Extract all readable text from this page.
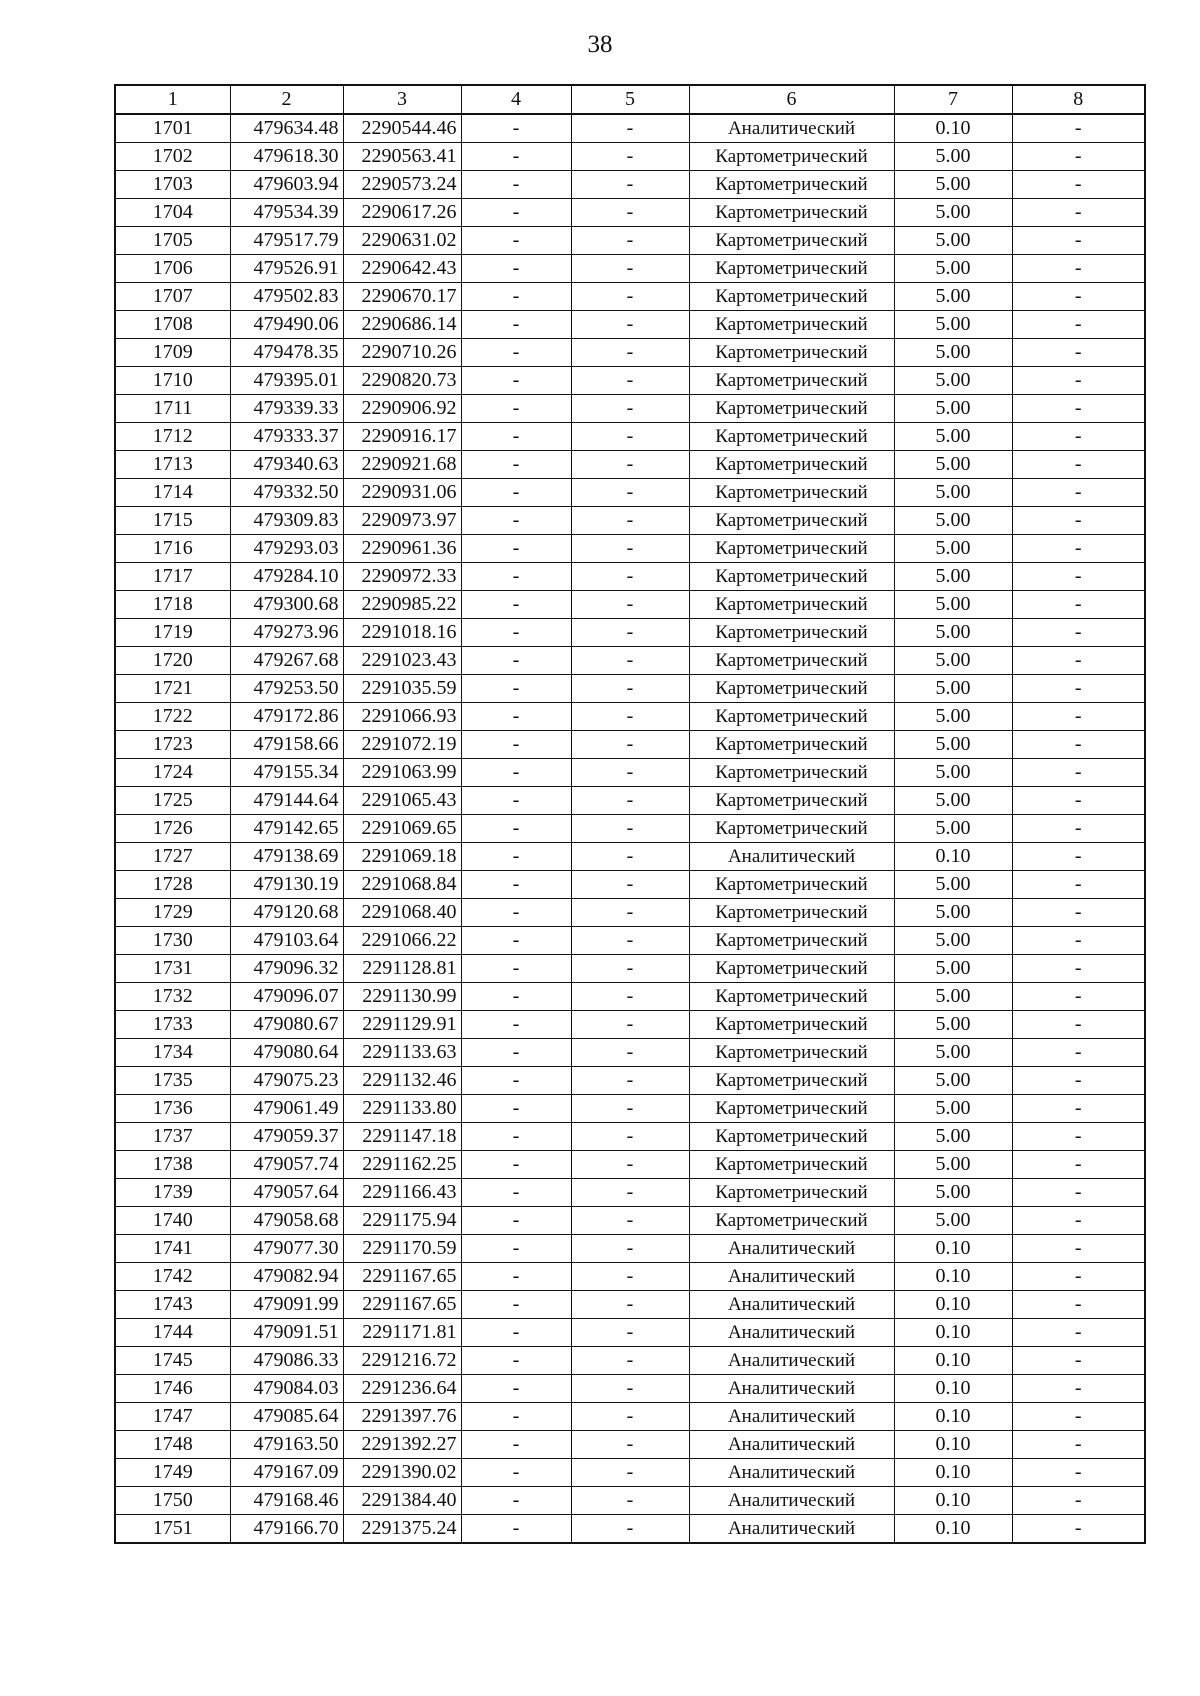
38
1	2	3	4	5	6	7	8
1701	479634.48	2290544.46	-	-	Аналитический	0.10	-
1702	479618.30	2290563.41	-	-	Картометрический	5.00	-
1703	479603.94	2290573.24	-	-	Картометрический	5.00	-
1704	479534.39	2290617.26	-	-	Картометрический	5.00	-
1705	479517.79	2290631.02	-	-	Картометрический	5.00	-
1706	479526.91	2290642.43	-	-	Картометрический	5.00	-
1707	479502.83	2290670.17	-	-	Картометрический	5.00	-
1708	479490.06	2290686.14	-	-	Картометрический	5.00	-
1709	479478.35	2290710.26	-	-	Картометрический	5.00	-
1710	479395.01	2290820.73	-	-	Картометрический	5.00	-
1711	479339.33	2290906.92	-	-	Картометрический	5.00	-
1712	479333.37	2290916.17	-	-	Картометрический	5.00	-
1713	479340.63	2290921.68	-	-	Картометрический	5.00	-
1714	479332.50	2290931.06	-	-	Картометрический	5.00	-
1715	479309.83	2290973.97	-	-	Картометрический	5.00	-
1716	479293.03	2290961.36	-	-	Картометрический	5.00	-
1717	479284.10	2290972.33	-	-	Картометрический	5.00	-
1718	479300.68	2290985.22	-	-	Картометрический	5.00	-
1719	479273.96	2291018.16	-	-	Картометрический	5.00	-
1720	479267.68	2291023.43	-	-	Картометрический	5.00	-
1721	479253.50	2291035.59	-	-	Картометрический	5.00	-
1722	479172.86	2291066.93	-	-	Картометрический	5.00	-
1723	479158.66	2291072.19	-	-	Картометрический	5.00	-
1724	479155.34	2291063.99	-	-	Картометрический	5.00	-
1725	479144.64	2291065.43	-	-	Картометрический	5.00	-
1726	479142.65	2291069.65	-	-	Картометрический	5.00	-
1727	479138.69	2291069.18	-	-	Аналитический	0.10	-
1728	479130.19	2291068.84	-	-	Картометрический	5.00	-
1729	479120.68	2291068.40	-	-	Картометрический	5.00	-
1730	479103.64	2291066.22	-	-	Картометрический	5.00	-
1731	479096.32	2291128.81	-	-	Картометрический	5.00	-
1732	479096.07	2291130.99	-	-	Картометрический	5.00	-
1733	479080.67	2291129.91	-	-	Картометрический	5.00	-
1734	479080.64	2291133.63	-	-	Картометрический	5.00	-
1735	479075.23	2291132.46	-	-	Картометрический	5.00	-
1736	479061.49	2291133.80	-	-	Картометрический	5.00	-
1737	479059.37	2291147.18	-	-	Картометрический	5.00	-
1738	479057.74	2291162.25	-	-	Картометрический	5.00	-
1739	479057.64	2291166.43	-	-	Картометрический	5.00	-
1740	479058.68	2291175.94	-	-	Картометрический	5.00	-
1741	479077.30	2291170.59	-	-	Аналитический	0.10	-
1742	479082.94	2291167.65	-	-	Аналитический	0.10	-
1743	479091.99	2291167.65	-	-	Аналитический	0.10	-
1744	479091.51	2291171.81	-	-	Аналитический	0.10	-
1745	479086.33	2291216.72	-	-	Аналитический	0.10	-
1746	479084.03	2291236.64	-	-	Аналитический	0.10	-
1747	479085.64	2291397.76	-	-	Аналитический	0.10	-
1748	479163.50	2291392.27	-	-	Аналитический	0.10	-
1749	479167.09	2291390.02	-	-	Аналитический	0.10	-
1750	479168.46	2291384.40	-	-	Аналитический	0.10	-
1751	479166.70	2291375.24	-	-	Аналитический	0.10	-
